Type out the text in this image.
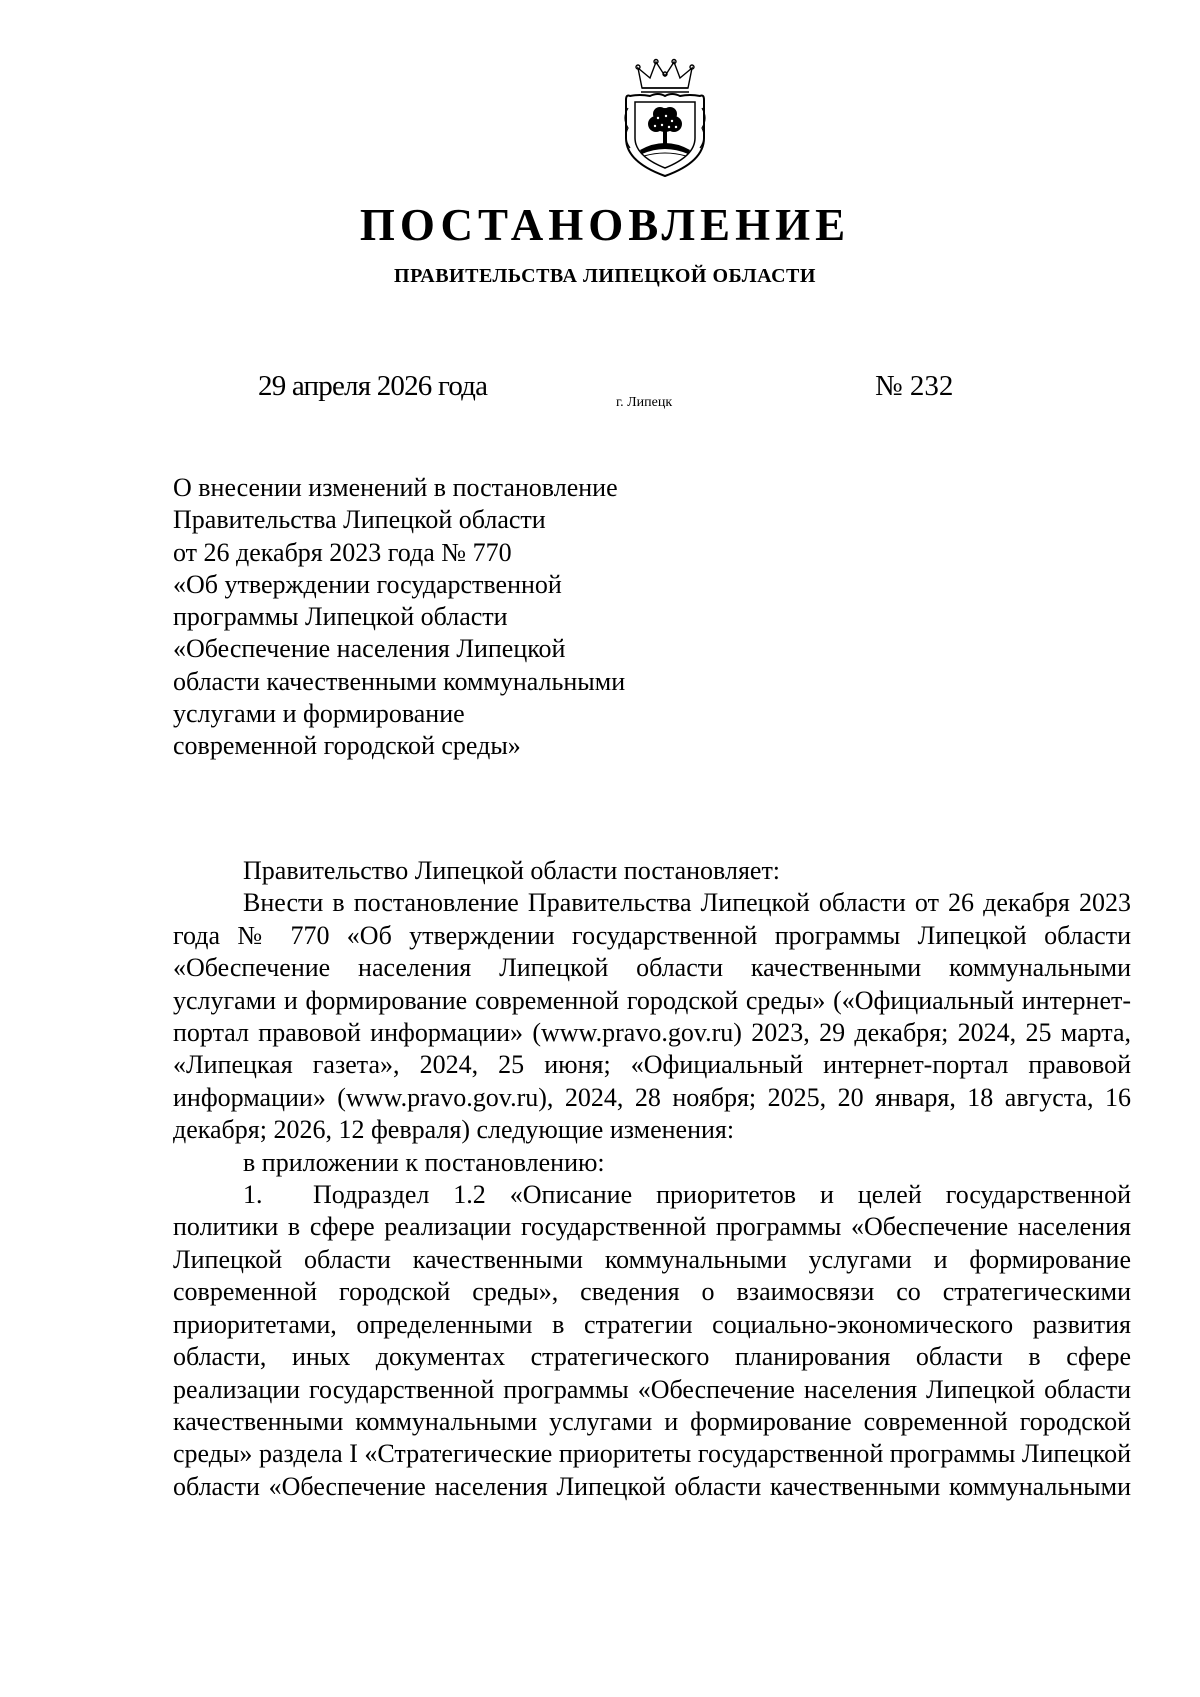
ПОСТАНОВЛЕНИЕ
ПРАВИТЕЛЬСТВА ЛИПЕЦКОЙ ОБЛАСТИ
29 апреля 2026 года
г. Липецк
№ 232
О внесении изменений в постановление
Правительства Липецкой области
от 26 декабря 2023 года № 770
«Об утверждении государственной
программы Липецкой области
«Обеспечение населения Липецкой
области качественными коммунальными
услугами и формирование
современной городской среды»
Правительство Липецкой области постановляет:
Внести в постановление Правительства Липецкой области от 26 декабря 2023 года № 770 «Об утверждении государственной программы Липецкой области «Обеспечение населения Липецкой области качественными коммунальными услугами и формирование современной городской среды» («Официальный интернет-портал правовой информации» (www.pravo.gov.ru) 2023, 29 декабря; 2024, 25 марта, «Липецкая газета», 2024, 25 июня; «Официальный интернет-портал правовой информации» (www.pravo.gov.ru), 2024, 28 ноября; 2025, 20 января, 18 августа, 16 декабря; 2026, 12 февраля) следующие изменения:
в приложении к постановлению:
1. Подраздел 1.2 «Описание приоритетов и целей государственной политики в сфере реализации государственной программы «Обеспечение населения Липецкой области качественными коммунальными услугами и формирование современной городской среды», сведения о взаимосвязи со стратегическими приоритетами, определенными в стратегии социально-экономического развития области, иных документах стратегического планирования области в сфере реализации государственной программы «Обеспечение населения Липецкой области качественными коммунальными услугами и формирование современной городской среды» раздела I «Стратегические приоритеты государственной программы Липецкой области «Обеспечение населения Липецкой области качественными коммунальными
